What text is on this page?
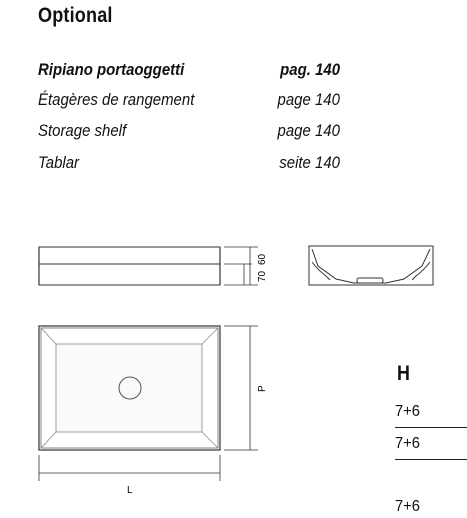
Optional
Ripiano portaoggetti	pag. 140
Étagères de rangement	page 140
Storage shelf	page 140
Tablar	seite 140
70
60
P
L
H
7+6
7+6
7+6
